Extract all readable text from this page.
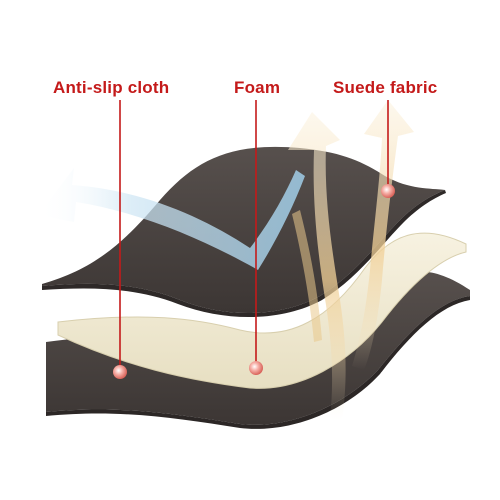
Anti-slip cloth	Foam	Suede fabric
